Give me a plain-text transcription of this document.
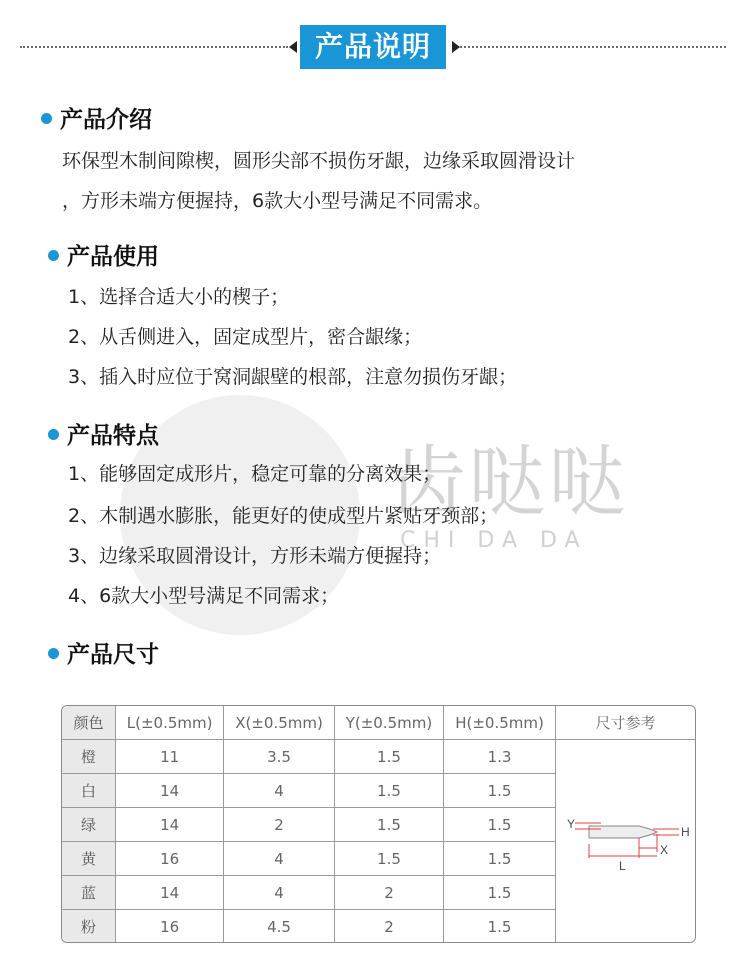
产品说明
齿哒哒
CHI DA DA
产品介绍
环保型木制间隙楔，圆形尖部不损伤牙龈，边缘采取圆滑设计
，方形未端方便握持，6款大小型号满足不同需求。
产品使用
1、选择合适大小的楔子；
2、从舌侧进入，固定成型片，密合龈缘；
3、插入时应位于窝洞龈壁的根部，注意勿损伤牙龈；
产品特点
1、能够固定成形片，稳定可靠的分离效果；
2、木制遇水膨胀，能更好的使成型片紧贴牙颈部；
3、边缘采取圆滑设计，方形未端方便握持；
4、6款大小型号满足不同需求；
产品尺寸
颜色	L(±0.5mm)	X(±0.5mm)	Y(±0.5mm)	H(±0.5mm)	尺寸参考
橙	11	3.5	1.5	1.3	Y
H
X
L

白	14	4	1.5	1.5	
绿	14	2	1.5	1.5	
黄	16	4	1.5	1.5	
蓝	14	4	2	1.5	
粉	16	4.5	2	1.5	
